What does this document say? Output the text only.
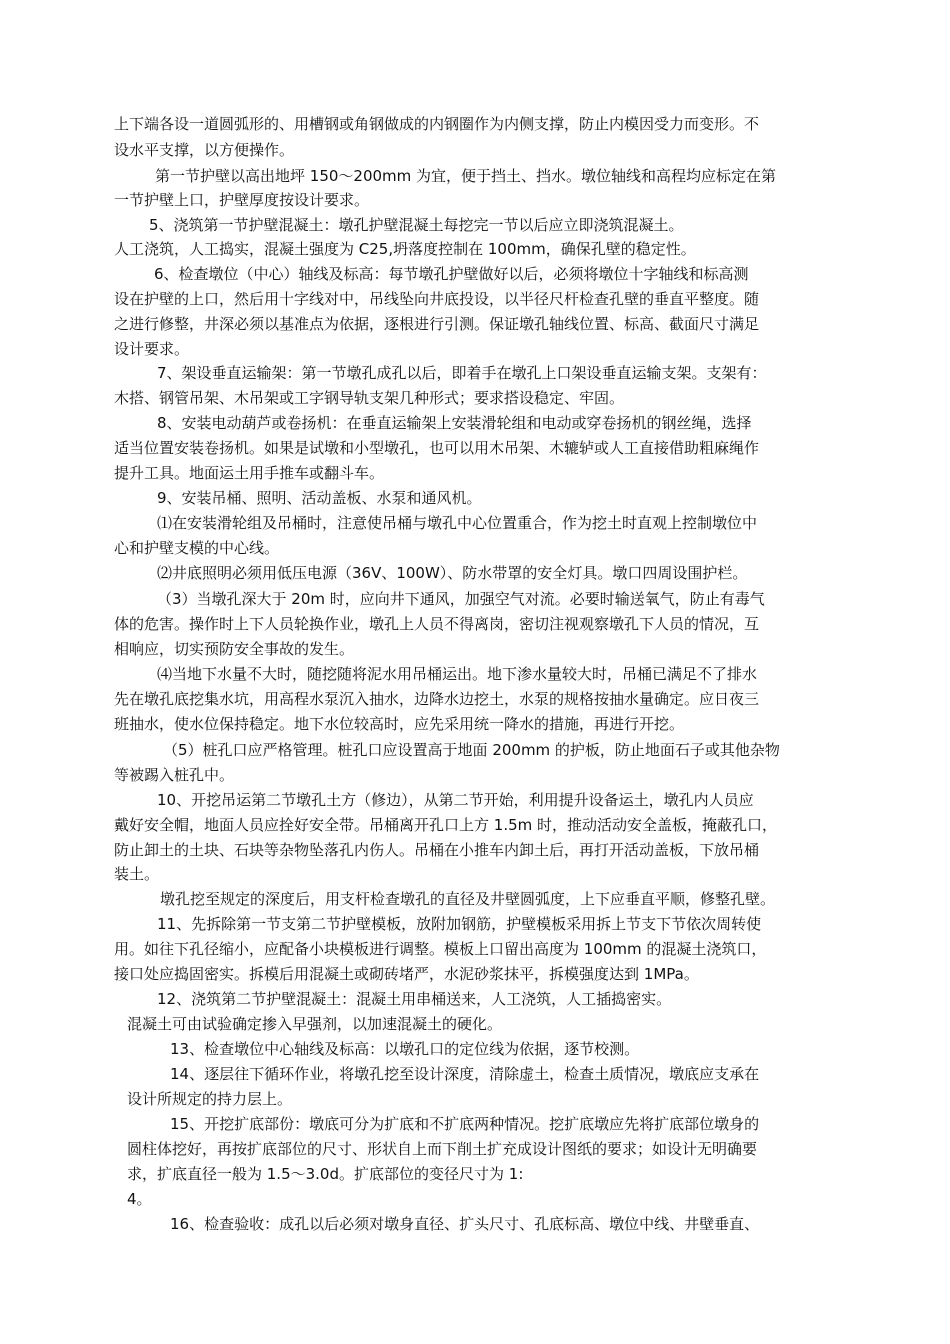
上下端各设一道圆弧形的、用槽钢或角钢做成的内钢圈作为内侧支撑，防止内模因受力而变形。不

设水平支撑，以方便操作。

第一节护壁以高出地坪 150～200mm 为宜，便于挡土、挡水。墩位轴线和高程均应标定在第

一节护壁上口，护壁厚度按设计要求。

5、浇筑第一节护壁混凝土：墩孔护壁混凝土每挖完一节以后应立即浇筑混凝土。

人工浇筑，人工捣实，混凝土强度为 C25,坍落度控制在 100mm，确保孔壁的稳定性。

6、检查墩位（中心）轴线及标高：每节墩孔护壁做好以后，必须将墩位十字轴线和标高测

设在护壁的上口，然后用十字线对中，吊线坠向井底投设，以半径尺杆检查孔壁的垂直平整度。随

之进行修整，井深必须以基准点为依据，逐根进行引测。保证墩孔轴线位置、标高、截面尺寸满足

设计要求。

7、架设垂直运输架：第一节墩孔成孔以后，即着手在墩孔上口架设垂直运输支架。支架有：

木搭、钢管吊架、木吊架或工字钢导轨支架几种形式；要求搭设稳定、牢固。

8、安装电动葫芦或卷扬机：在垂直运输架上安装滑轮组和电动或穿卷扬机的钢丝绳，选择

适当位置安装卷扬机。如果是试墩和小型墩孔，也可以用木吊架、木辘轳或人工直接借助粗麻绳作

提升工具。地面运土用手推车或翻斗车。

9、安装吊桶、照明、活动盖板、水泵和通风机。

⑴在安装滑轮组及吊桶时，注意使吊桶与墩孔中心位置重合，作为挖土时直观上控制墩位中

心和护壁支模的中心线。

⑵井底照明必须用低压电源（36V、100W）、防水带罩的安全灯具。墩口四周设围护栏。

（3）当墩孔深大于 20m 时，应向井下通风，加强空气对流。必要时输送氧气，防止有毒气

体的危害。操作时上下人员轮换作业，墩孔上人员不得离岗，密切注视观察墩孔下人员的情况，互

相响应，切实预防安全事故的发生。

⑷当地下水量不大时，随挖随将泥水用吊桶运出。地下渗水量较大时，吊桶已满足不了排水

先在墩孔底挖集水坑，用高程水泵沉入抽水，边降水边挖土，水泵的规格按抽水量确定。应日夜三

班抽水，使水位保持稳定。地下水位较高时，应先采用统一降水的措施，再进行开挖。

（5）桩孔口应严格管理。桩孔口应设置高于地面 200mm 的护板，防止地面石子或其他杂物

等被踢入桩孔中。

10、开挖吊运第二节墩孔土方（修边），从第二节开始，利用提升设备运土，墩孔内人员应

戴好安全帽，地面人员应拴好安全带。吊桶离开孔口上方 1.5m 时，推动活动安全盖板，掩蔽孔口，

防止卸土的土块、石块等杂物坠落孔内伤人。吊桶在小推车内卸土后，再打开活动盖板，下放吊桶

装土。

墩孔挖至规定的深度后，用支杆检查墩孔的直径及井壁圆弧度，上下应垂直平顺，修整孔壁。

11、先拆除第一节支第二节护壁模板，放附加钢筋，护壁模板采用拆上节支下节依次周转使

用。如往下孔径缩小，应配备小块模板进行调整。模板上口留出高度为 100mm 的混凝土浇筑口，

接口处应捣固密实。拆模后用混凝土或砌砖堵严，水泥砂浆抹平，拆模强度达到 1MPa。

12、浇筑第二节护壁混凝土：混凝土用串桶送来，人工浇筑，人工插捣密实。

混凝土可由试验确定掺入早强剂，以加速混凝土的硬化。

13、检查墩位中心轴线及标高：以墩孔口的定位线为依据，逐节校测。

14、逐层往下循环作业，将墩孔挖至设计深度，清除虚土，检查土质情况，墩底应支承在

设计所规定的持力层上。

15、开挖扩底部份：墩底可分为扩底和不扩底两种情况。挖扩底墩应先将扩底部位墩身的

圆柱体挖好，再按扩底部位的尺寸、形状自上而下削土扩充成设计图纸的要求；如设计无明确要

求，扩底直径一般为 1.5～3.0d。扩底部位的变径尺寸为 1:

4。

16、检查验收：成孔以后必须对墩身直径、扩头尺寸、孔底标高、墩位中线、井壁垂直、
